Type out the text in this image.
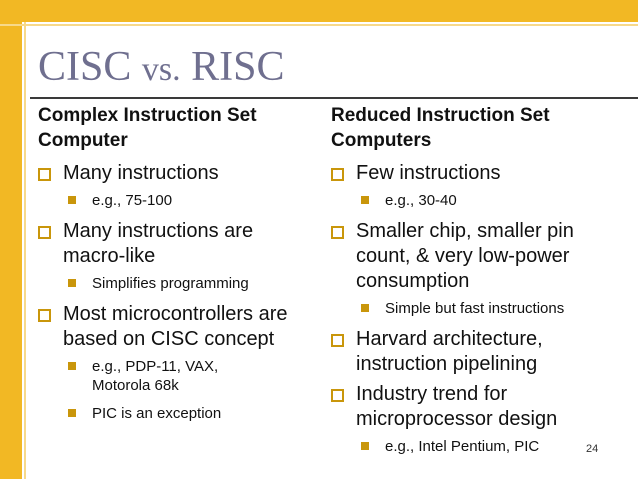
CISC vs. RISC
Complex Instruction Set
Computer
Many instructions
e.g., 75-100
Many instructions are
macro-like
Simplifies programming
Most microcontrollers are
based on CISC concept
e.g., PDP-11, VAX,
Motorola 68k
PIC is an exception
Reduced Instruction Set
Computers
Few instructions
e.g., 30-40
Smaller chip, smaller pin
count, & very low-power
consumption
Simple but fast instructions
Harvard architecture,
instruction pipelining
Industry trend for
microprocessor design
e.g., Intel Pentium, PIC	24
